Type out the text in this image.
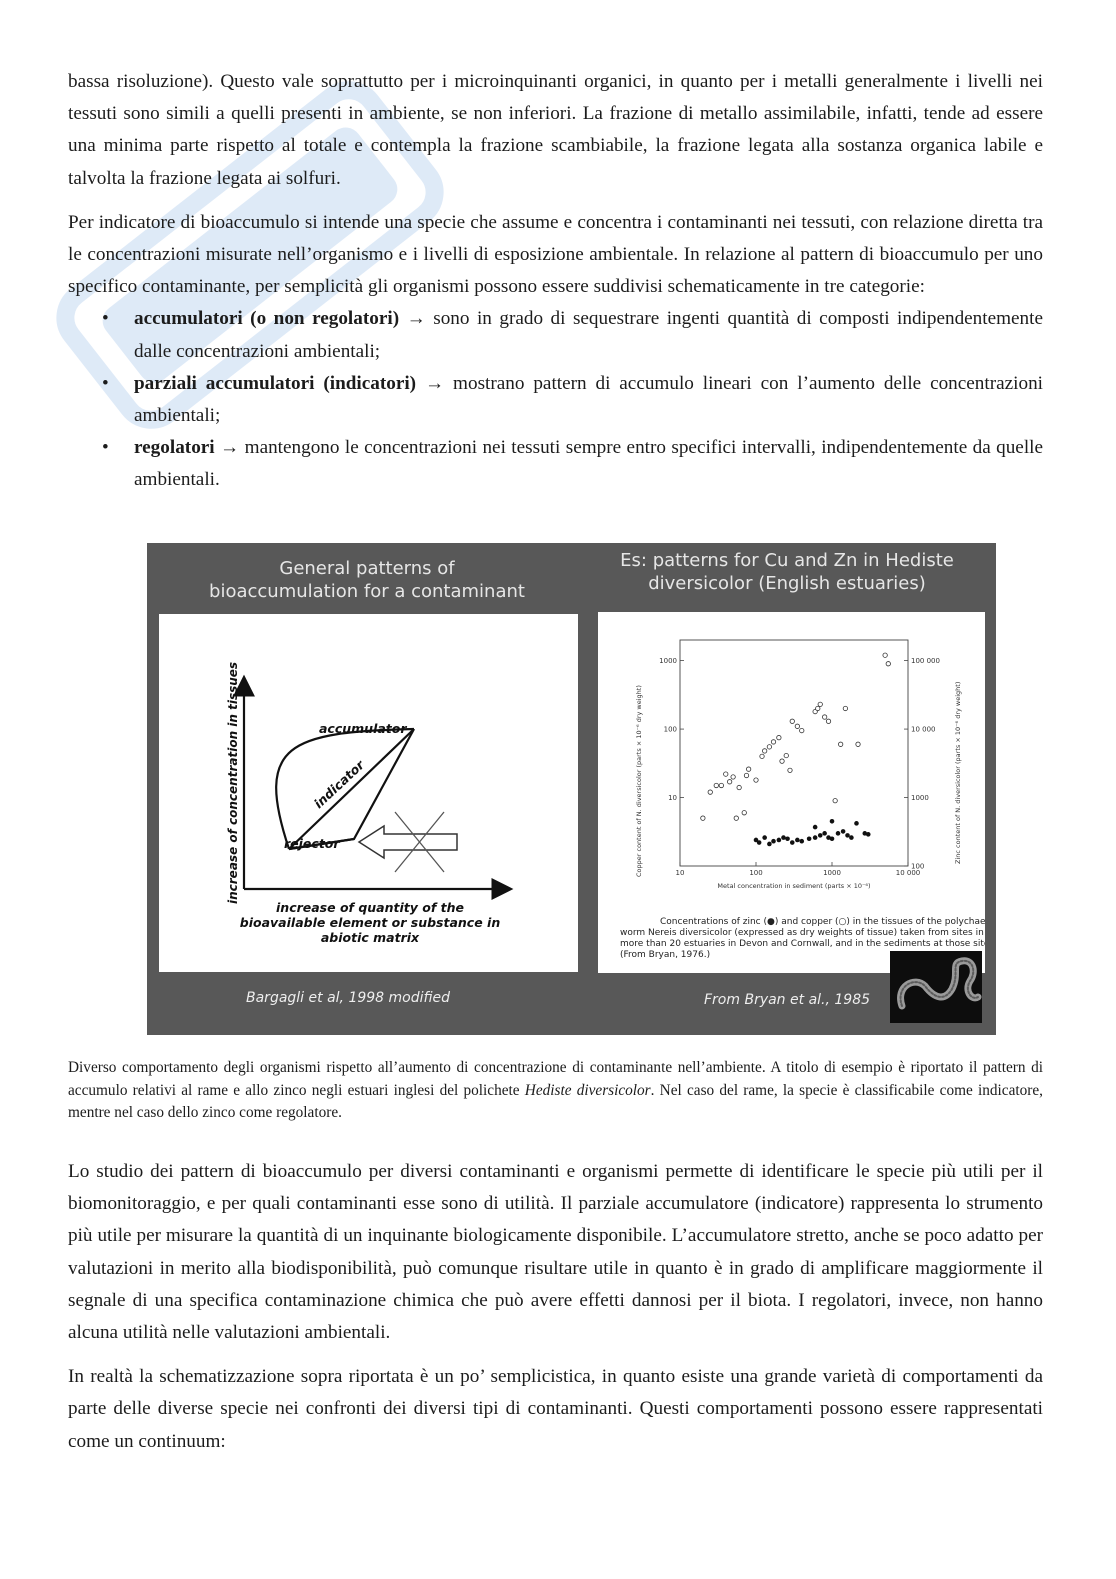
bassa risoluzione). Questo vale soprattutto per i microinquinanti organici, in quanto per i metalli generalmente i livelli nei tessuti sono simili a quelli presenti in ambiente, se non inferiori. La frazione di metallo assimilabile, infatti, tende ad essere una minima parte rispetto al totale e contempla la frazione scambiabile, la frazione legata alla sostanza organica labile e talvolta la frazione legata ai solfuri.

Per indicatore di bioaccumulo si intende una specie che assume e concentra i contaminanti nei tessuti, con relazione diretta tra le concentrazioni misurate nell’organismo e i livelli di esposizione ambientale. In relazione al pattern di bioaccumulo per uno specifico contaminante, per semplicità gli organismi possono essere suddivisi schematicamente in tre categorie:

• accumulatori (o non regolatori) → sono in grado di sequestrare ingenti quantità di composti indipendentemente dalle concentrazioni ambientali;
• parziali accumulatori (indicatori) → mostrano pattern di accumulo lineari con l’aumento delle concentrazioni ambientali;
• regolatori → mantengono le concentrazioni nei tessuti sempre entro specifici intervalli, indipendentemente da quelle ambientali.
General patterns of
bioaccumulation for a contaminant
Es: patterns for Cu and Zn in Hediste
diversicolor (English estuaries)
accumulator
indicator
rejector
increase of concentration in tissues
increase of quantity of the
bioavailable element or substance in
abiotic matrix
10	100	1000	10 000
1000
100
10
100 000
10 000
1000
100
Copper content of N. diversicolor (parts × 10⁻⁶ dry weight)	Zinc content of N. diversicolor (parts × 10⁻⁶ dry weight)
Metal concentration in sediment (parts × 10⁻⁶)
Concentrations of zinc (●) and copper (○) in the tissues of the polychaete
worm Nereis diversicolor (expressed as dry weights of tissue) taken from sites in
more than 20 estuaries in Devon and Cornwall, and in the sediments at those sites.
(From Bryan, 1976.)
Bargagli et al, 1998 modified	From Bryan et al., 1985
Diverso comportamento degli organismi rispetto all’aumento di concentrazione di contaminante nell’ambiente. A titolo di esempio è riportato il pattern di accumulo relativi al rame e allo zinco negli estuari inglesi del polichete Hediste diversicolor. Nel caso del rame, la specie è classificabile come indicatore, mentre nel caso dello zinco come regolatore.

Lo studio dei pattern di bioaccumulo per diversi contaminanti e organismi permette di identificare le specie più utili per il biomonitoraggio, e per quali contaminanti esse sono di utilità. Il parziale accumulatore (indicatore) rappresenta lo strumento più utile per misurare la quantità di un inquinante biologicamente disponibile. L’accumulatore stretto, anche se poco adatto per valutazioni in merito alla biodisponibilità, può comunque risultare utile in quanto è in grado di amplificare maggiormente il segnale di una specifica contaminazione chimica che può avere effetti dannosi per il biota. I regolatori, invece, non hanno alcuna utilità nelle valutazioni ambientali.

In realtà la schematizzazione sopra riportata è un po’ semplicistica, in quanto esiste una grande varietà di comportamenti da parte delle diverse specie nei confronti dei diversi tipi di contaminanti. Questi comportamenti possono essere rappresentati come un continuum:
